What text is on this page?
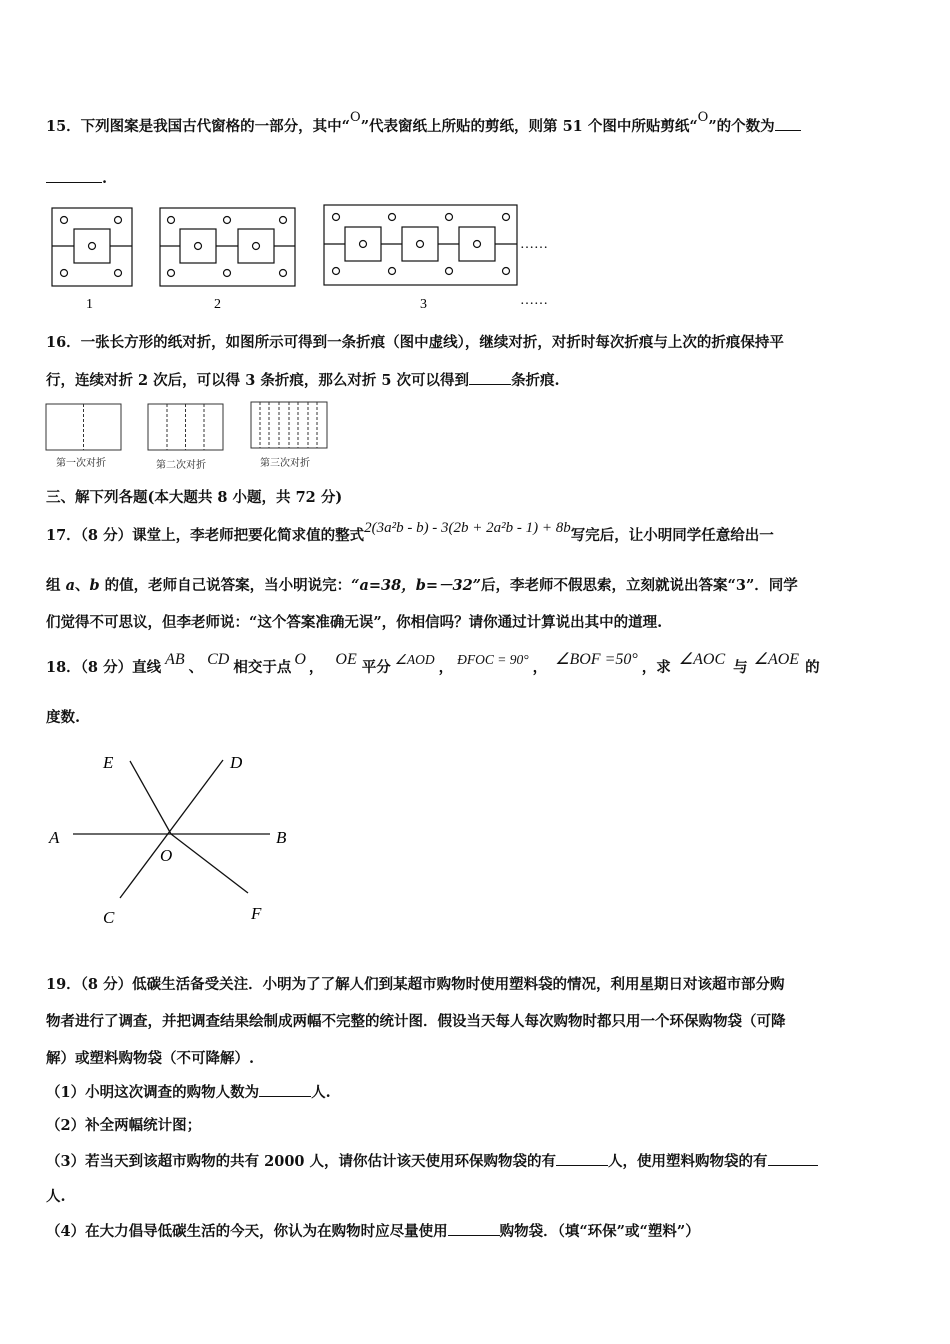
15．下列图案是我国古代窗格的一部分，其中“O”代表窗纸上所贴的剪纸，则第 51 个图中所贴剪纸“O”的个数为
.
……
……
1	2	3
16．一张长方形的纸对折，如图所示可得到一条折痕（图中虚线），继续对折，对折时每次折痕与上次的折痕保持平
行，连续对折 2 次后，可以得 3 条折痕，那么对折 5 次可以得到	条折痕.
第一次对折	第二次对折	第三次对折
三、解下列各题(本大题共 8 小题，共 72 分)
17．（8 分）课堂上，李老师把要化简求值的整式2(3a²b - b) - 3(2b + 2a²b - 1) + 8b写完后，让小明同学任意给出一
组 a、b 的值，老师自己说答案，当小明说完：“a=38，b=－32”后，李老师不假思索，立刻就说出答案“3”．同学
们觉得不可思议，但李老师说：“这个答案准确无误”，你相信吗？请你通过计算说出其中的道理.
18．（8 分）直线 AB 、 CD 相交于点 O ， OE 平分 ∠AOD ， ÐFOC = 90° ， ∠BOF =50° ，求 ∠AOC 与 ∠AOE 的
度数.
E	D
A	B
O
C	F
19．（8 分）低碳生活备受关注．小明为了了解人们到某超市购物时使用塑料袋的情况，利用星期日对该超市部分购
物者进行了调查，并把调查结果绘制成两幅不完整的统计图．假设当天每人每次购物时都只用一个环保购物袋（可降
解）或塑料购物袋（不可降解）.
（1）小明这次调查的购物人数为	人.
（2）补全两幅统计图；
（3）若当天到该超市购物的共有 2000 人，请你估计该天使用环保购物袋的有	人，使用塑料购物袋的有
人.
（4）在大力倡导低碳生活的今天，你认为在购物时应尽量使用	购物袋．（填“环保”或“塑料”）
